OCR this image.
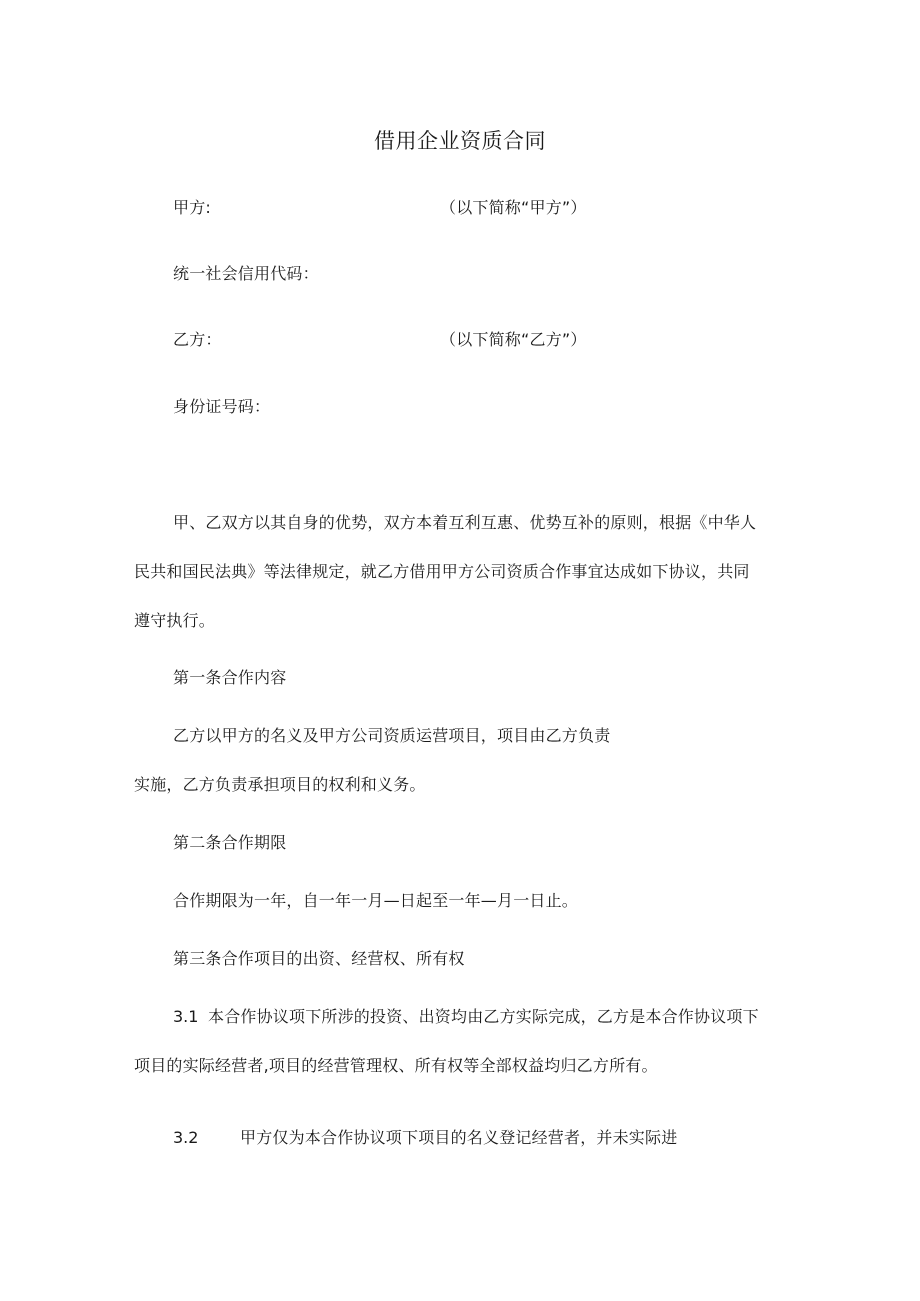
借用企业资质合同
甲方:	（以下简称“甲方”）
统一社会信用代码：
乙方：	（以下简称“乙方”）
身份证号码：
甲、乙双方以其自身的优势，双方本着互利互惠、优势互补的原则，根据《中华人
民共和国民法典》等法律规定，就乙方借用甲方公司资质合作事宜达成如下协议，共同
遵守执行。
第一条合作内容
乙方以甲方的名义及甲方公司资质运营项目，项目由乙方负责
实施，乙方负责承担项目的权利和义务。
第二条合作期限
合作期限为一年，自一年一月—日起至一年—月一日止。
第三条合作项目的出资、经营权、所有权
3.1 本合作协议项下所涉的投资、出资均由乙方实际完成，乙方是本合作协议项下
项目的实际经营者,项目的经营管理权、所有权等全部权益均归乙方所有。
3.2	甲方仅为本合作协议项下项目的名义登记经营者，并未实际进
